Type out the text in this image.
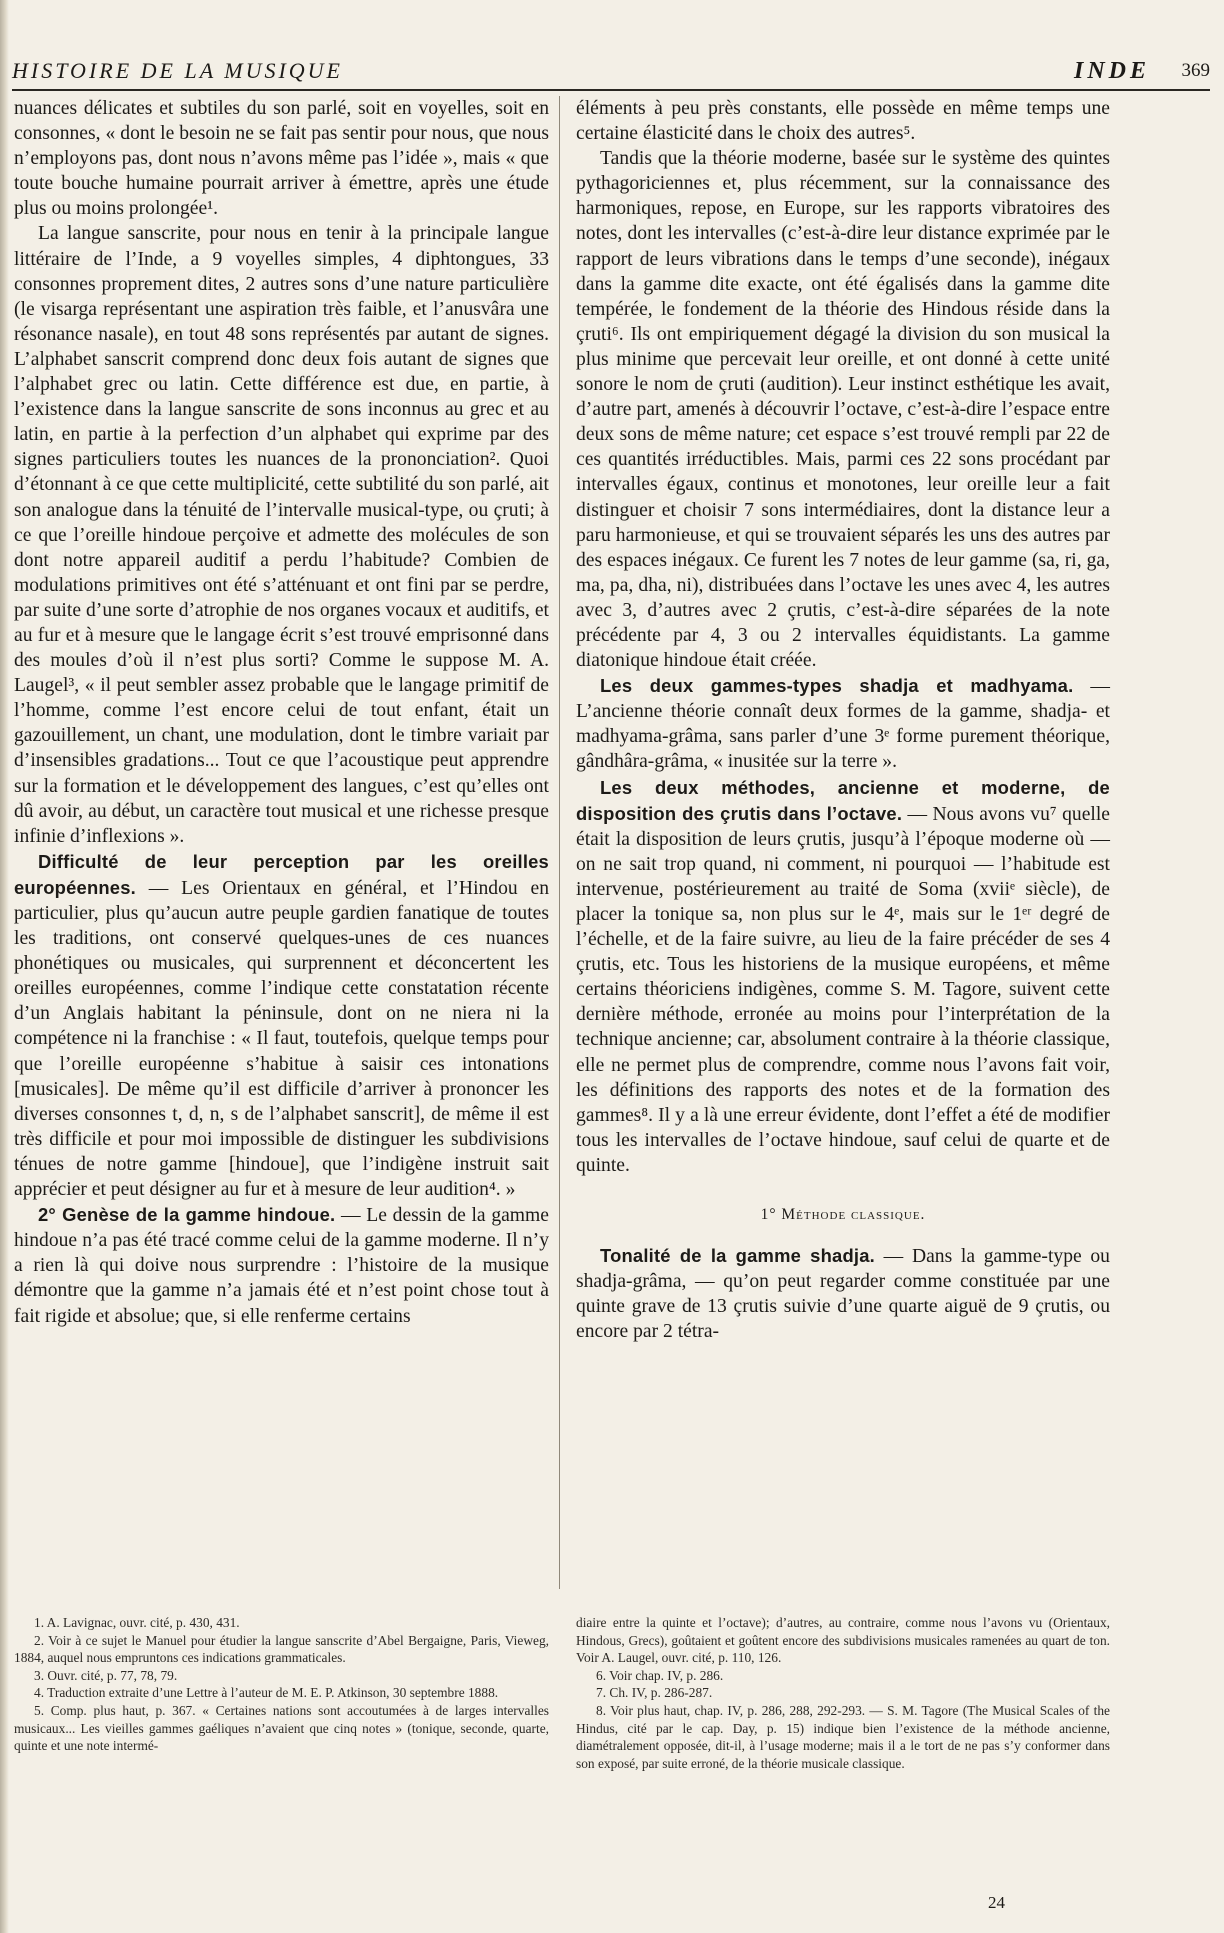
HISTOIRE DE LA MUSIQUE	INDE 369

nuances délicates et subtiles du son parlé, soit en voyelles, soit en consonnes, « dont le besoin ne se fait pas sentir pour nous, que nous n’employons pas, dont nous n’avons même pas l’idée », mais « que toute bouche humaine pourrait arriver à émettre, après une étude plus ou moins prolongée¹.

La langue sanscrite, pour nous en tenir à la principale langue littéraire de l’Inde, a 9 voyelles simples, 4 diphtongues, 33 consonnes proprement dites, 2 autres sons d’une nature particulière (le visarga représentant une aspiration très faible, et l’anusvâra une résonance nasale), en tout 48 sons représentés par autant de signes. L’alphabet sanscrit comprend donc deux fois autant de signes que l’alphabet grec ou latin. Cette différence est due, en partie, à l’existence dans la langue sanscrite de sons inconnus au grec et au latin, en partie à la perfection d’un alphabet qui exprime par des signes particuliers toutes les nuances de la prononciation². Quoi d’étonnant à ce que cette multiplicité, cette subtilité du son parlé, ait son analogue dans la ténuité de l’intervalle musical-type, ou çruti; à ce que l’oreille hindoue perçoive et admette des molécules de son dont notre appareil auditif a perdu l’habitude? Combien de modulations primitives ont été s’atténuant et ont fini par se perdre, par suite d’une sorte d’atrophie de nos organes vocaux et auditifs, et au fur et à mesure que le langage écrit s’est trouvé emprisonné dans des moules d’où il n’est plus sorti? Comme le suppose M. A. Laugel³, « il peut sembler assez probable que le langage primitif de l’homme, comme l’est encore celui de tout enfant, était un gazouillement, un chant, une modulation, dont le timbre variait par d’insensibles gradations... Tout ce que l’acoustique peut apprendre sur la formation et le développement des langues, c’est qu’elles ont dû avoir, au début, un caractère tout musical et une richesse presque infinie d’inflexions ».

Difficulté de leur perception par les oreilles européennes. — Les Orientaux en général, et l’Hindou en particulier, plus qu’aucun autre peuple gardien fanatique de toutes les traditions, ont conservé quelques-unes de ces nuances phonétiques ou musicales, qui surprennent et déconcertent les oreilles européennes, comme l’indique cette constatation récente d’un Anglais habitant la péninsule, dont on ne niera ni la compétence ni la franchise : « Il faut, toutefois, quelque temps pour que l’oreille européenne s’habitue à saisir ces intonations [musicales]. De même qu’il est difficile d’arriver à prononcer les diverses consonnes t, d, n, s de l’alphabet sanscrit], de même il est très difficile et pour moi impossible de distinguer les subdivisions ténues de notre gamme [hindoue], que l’indigène instruit sait apprécier et peut désigner au fur et à mesure de leur audition⁴. »

2° Genèse de la gamme hindoue. — Le dessin de la gamme hindoue n’a pas été tracé comme celui de la gamme moderne. Il n’y a rien là qui doive nous surprendre : l’histoire de la musique démontre que la gamme n’a jamais été et n’est point chose tout à fait rigide et absolue; que, si elle renferme certains

éléments à peu près constants, elle possède en même temps une certaine élasticité dans le choix des autres⁵.

Tandis que la théorie moderne, basée sur le système des quintes pythagoriciennes et, plus récemment, sur la connaissance des harmoniques, repose, en Europe, sur les rapports vibratoires des notes, dont les intervalles (c’est-à-dire leur distance exprimée par le rapport de leurs vibrations dans le temps d’une seconde), inégaux dans la gamme dite exacte, ont été égalisés dans la gamme dite tempérée, le fondement de la théorie des Hindous réside dans la çruti⁶. Ils ont empiriquement dégagé la division du son musical la plus minime que percevait leur oreille, et ont donné à cette unité sonore le nom de çruti (audition). Leur instinct esthétique les avait, d’autre part, amenés à découvrir l’octave, c’est-à-dire l’espace entre deux sons de même nature; cet espace s’est trouvé rempli par 22 de ces quantités irréductibles. Mais, parmi ces 22 sons procédant par intervalles égaux, continus et monotones, leur oreille leur a fait distinguer et choisir 7 sons intermédiaires, dont la distance leur a paru harmonieuse, et qui se trouvaient séparés les uns des autres par des espaces inégaux. Ce furent les 7 notes de leur gamme (sa, ri, ga, ma, pa, dha, ni), distribuées dans l’octave les unes avec 4, les autres avec 3, d’autres avec 2 çrutis, c’est-à-dire séparées de la note précédente par 4, 3 ou 2 intervalles équidistants. La gamme diatonique hindoue était créée.

Les deux gammes-types shadja et madhyama. — L’ancienne théorie connaît deux formes de la gamme, shadja- et madhyama-grâma, sans parler d’une 3ᵉ forme purement théorique, gândhâra-grâma, « inusitée sur la terre ».

Les deux méthodes, ancienne et moderne, de disposition des çrutis dans l’octave. — Nous avons vu⁷ quelle était la disposition de leurs çrutis, jusqu’à l’époque moderne où — on ne sait trop quand, ni comment, ni pourquoi — l’habitude est intervenue, postérieurement au traité de Soma (xviiᵉ siècle), de placer la tonique sa, non plus sur le 4ᵉ, mais sur le 1ᵉʳ degré de l’échelle, et de la faire suivre, au lieu de la faire précéder de ses 4 çrutis, etc. Tous les historiens de la musique européens, et même certains théoriciens indigènes, comme S. M. Tagore, suivent cette dernière méthode, erronée au moins pour l’interprétation de la technique ancienne; car, absolument contraire à la théorie classique, elle ne permet plus de comprendre, comme nous l’avons fait voir, les définitions des rapports des notes et de la formation des gammes⁸. Il y a là une erreur évidente, dont l’effet a été de modifier tous les intervalles de l’octave hindoue, sauf celui de quarte et de quinte.

1° Méthode classique.

Tonalité de la gamme shadja. — Dans la gamme-type ou shadja-grâma, — qu’on peut regarder comme constituée par une quinte grave de 13 çrutis suivie d’une quarte aiguë de 9 çrutis, ou encore par 2 tétra-

1. A. Lavignac, ouvr. cité, p. 430, 431.

2. Voir à ce sujet le Manuel pour étudier la langue sanscrite d’Abel Bergaigne, Paris, Vieweg, 1884, auquel nous empruntons ces indications grammaticales.

3. Ouvr. cité, p. 77, 78, 79.

4. Traduction extraite d’une Lettre à l’auteur de M. E. P. Atkinson, 30 septembre 1888.

5. Comp. plus haut, p. 367. « Certaines nations sont accoutumées à de larges intervalles musicaux... Les vieilles gammes gaéliques n’avaient que cinq notes » (tonique, seconde, quarte, quinte et une note intermé-

diaire entre la quinte et l’octave); d’autres, au contraire, comme nous l’avons vu (Orientaux, Hindous, Grecs), goûtaient et goûtent encore des subdivisions musicales ramenées au quart de ton. Voir A. Laugel, ouvr. cité, p. 110, 126.

6. Voir chap. IV, p. 286.

7. Ch. IV, p. 286-287.

8. Voir plus haut, chap. IV, p. 286, 288, 292-293. — S. M. Tagore (The Musical Scales of the Hindus, cité par le cap. Day, p. 15) indique bien l’existence de la méthode ancienne, diamétralement opposée, dit-il, à l’usage moderne; mais il a le tort de ne pas s’y conformer dans son exposé, par suite erroné, de la théorie musicale classique.

24
